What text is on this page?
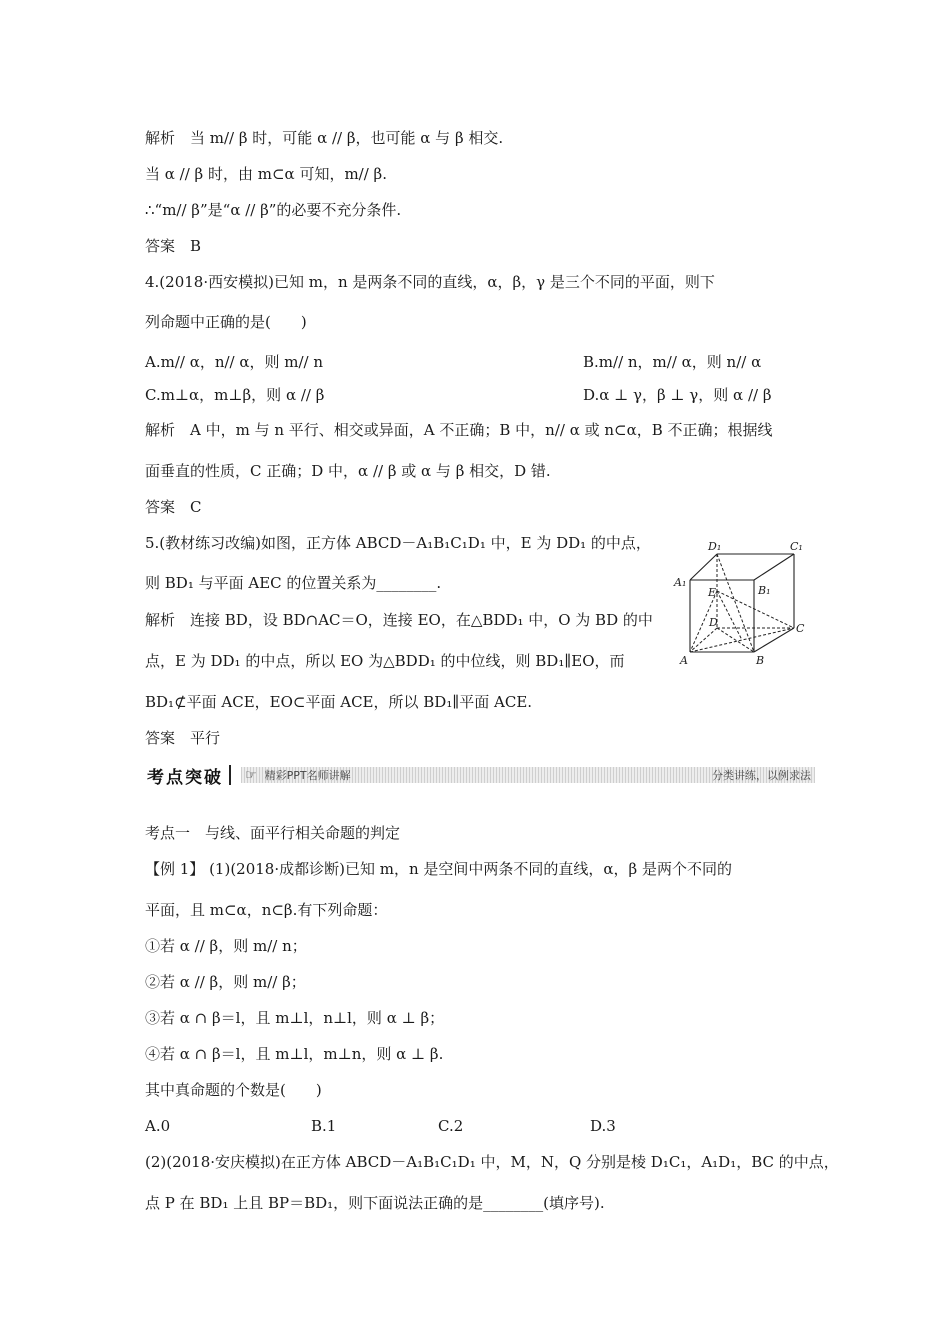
解析　当 m// β 时，可能 α // β，也可能 α 与 β 相交.
当 α // β 时，由 m⊂α 可知，m// β.
∴“m// β”是“α // β”的必要不充分条件.
答案　B
4.(2018·西安模拟)已知 m，n 是两条不同的直线，α，β，γ 是三个不同的平面，则下
列命题中正确的是(　　)
解析　A 中，m 与 n 平行、相交或异面，A 不正确；B 中，n// α 或 n⊂α，B 不正确；根据线
面垂直的性质，C 正确；D 中，α // β 或 α 与 β 相交，D 错.
答案　C
5.(教材练习改编)如图，正方体 ABCD－A₁B₁C₁D₁ 中，E 为 DD₁ 的中点，
则 BD₁ 与平面 AEC 的位置关系为________.
解析　连接 BD，设 BD∩AC＝O，连接 EO，在△BDD₁ 中，O 为 BD 的中
点，E 为 DD₁ 的中点，所以 EO 为△BDD₁ 的中位线，则 BD₁∥EO，而
BD₁⊄平面 ACE，EO⊂平面 ACE，所以 BD₁∥平面 ACE.
答案　平行
考点一　与线、面平行相关命题的判定
【例 1】 (1)(2018·成都诊断)已知 m，n 是空间中两条不同的直线，α，β 是两个不同的
平面，且 m⊂α，n⊂β.有下列命题：
①若 α // β，则 m// n；
②若 α // β，则 m// β；
③若 α ∩ β＝l，且 m⊥l，n⊥l，则 α ⊥ β；
④若 α ∩ β＝l，且 m⊥l，m⊥n，则 α ⊥ β.
其中真命题的个数是(　　)
(2)(2018·安庆模拟)在正方体 ABCD－A₁B₁C₁D₁ 中，M，N，Q 分别是棱 D₁C₁，A₁D₁，BC 的中点，
点 P 在 BD₁ 上且 BP＝BD₁，则下面说法正确的是________(填序号).
A.m// α，n// α，则 m// n	B.m// n，m// α，则 n// α
C.m⊥α，m⊥β，则 α // β	D.α ⊥ γ，β ⊥ γ，则 α // β
A.0	B.1	C.2	D.3
考点突破	☞ 精彩PPT名师讲解	分类讲练，以例求法
A	B
C
D
A₁
B₁
C₁
D₁
E
